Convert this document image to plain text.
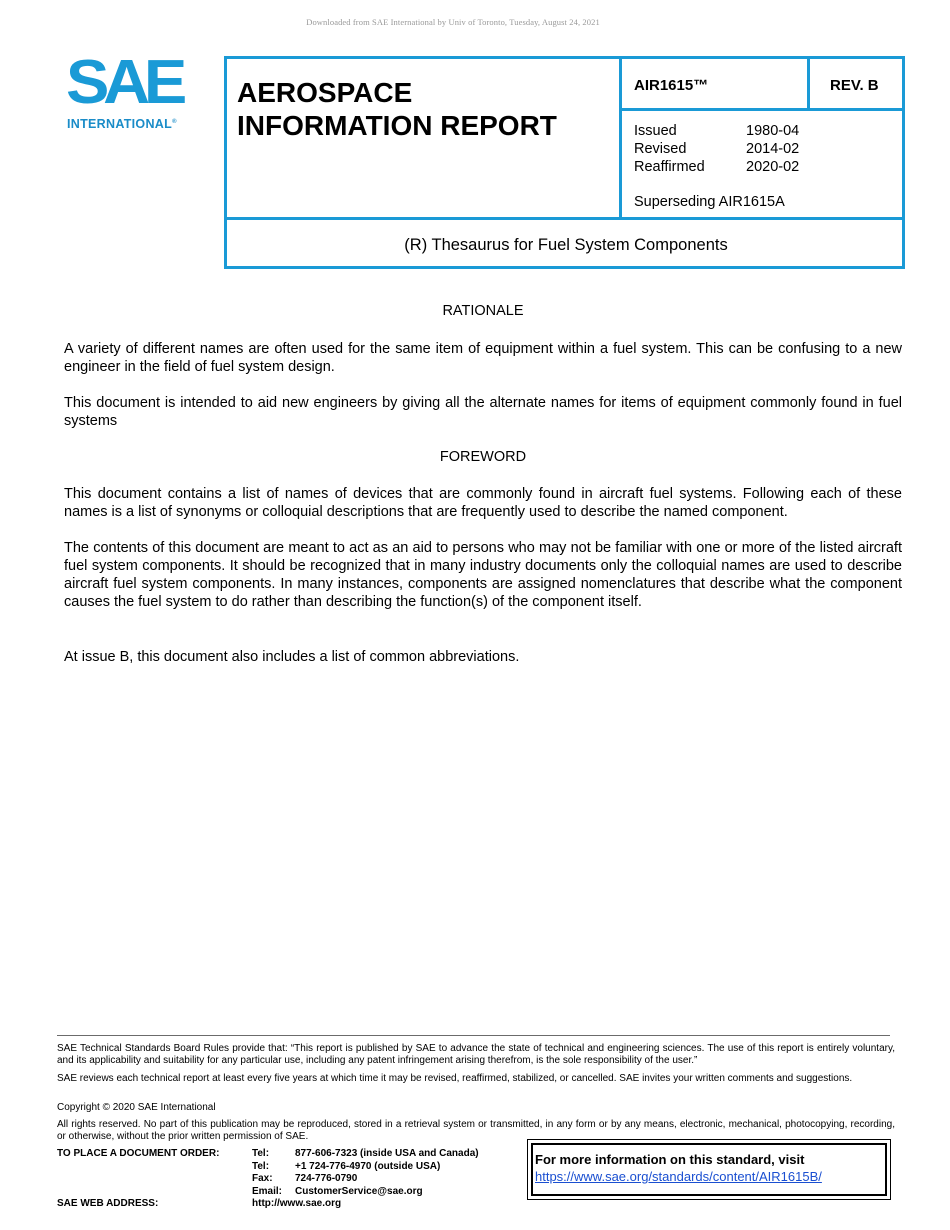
Downloaded from SAE International by Univ of Toronto, Tuesday, August 24, 2021
SAE
INTERNATIONAL®
AEROSPACE
INFORMATION REPORT
AIR1615™	REV. B
Issued	1980-04
Revised	2014-02
Reaffirmed	2020-02
Superseding AIR1615A
(R) Thesaurus for Fuel System Components
RATIONALE
A variety of different names are often used for the same item of equipment within a fuel system. This can be confusing to a new engineer in the field of fuel system design.
This document is intended to aid new engineers by giving all the alternate names for items of equipment commonly found in fuel systems
FOREWORD
This document contains a list of names of devices that are commonly found in aircraft fuel systems. Following each of these names is a list of synonyms or colloquial descriptions that are frequently used to describe the named component.
The contents of this document are meant to act as an aid to persons who may not be familiar with one or more of the listed aircraft fuel system components. It should be recognized that in many industry documents only the colloquial names are used to describe aircraft fuel system components. In many instances, components are assigned nomenclatures that describe what the component causes the fuel system to do rather than describing the function(s) of the component itself.
At issue B, this document also includes a list of common abbreviations.
SAE Technical Standards Board Rules provide that: “This report is published by SAE to advance the state of technical and engineering sciences. The use of this report is entirely voluntary, and its applicability and suitability for any particular use, including any patent infringement arising therefrom, is the sole responsibility of the user.”
SAE reviews each technical report at least every five years at which time it may be revised, reaffirmed, stabilized, or cancelled. SAE invites your written comments and suggestions.
Copyright © 2020 SAE International
All rights reserved. No part of this publication may be reproduced, stored in a retrieval system or transmitted, in any form or by any means, electronic, mechanical, photocopying, recording, or otherwise, without the prior written permission of SAE.
TO PLACE A DOCUMENT ORDER:	Tel:	877-606-7323 (inside USA and Canada)
Tel:	+1 724-776-4970 (outside USA)
Fax:	724-776-0790
Email:	CustomerService@sae.org
SAE WEB ADDRESS:	http://www.sae.org
For more information on this standard, visit
https://www.sae.org/standards/content/AIR1615B/
